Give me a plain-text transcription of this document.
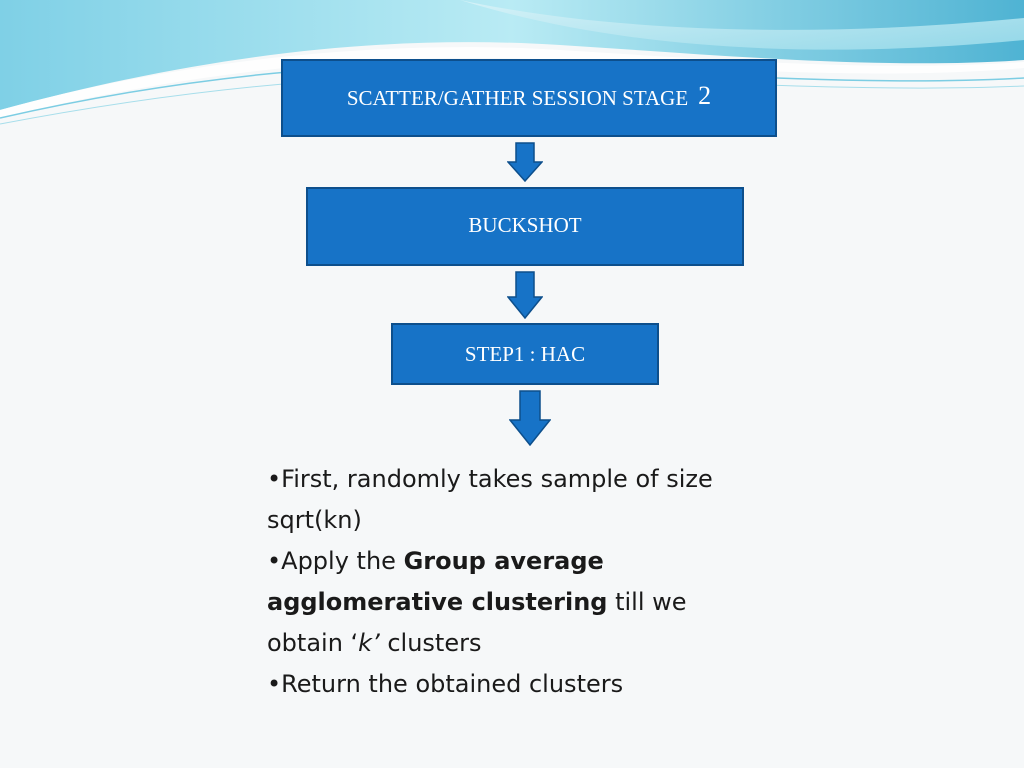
SCATTER/GATHER SESSION STAGE 2
BUCKSHOT
STEP1 : HAC

•First, randomly takes sample of size sqrt(kn)

•Apply the Group average agglomerative clustering till we obtain ‘k’ clusters

•Return the obtained clusters
